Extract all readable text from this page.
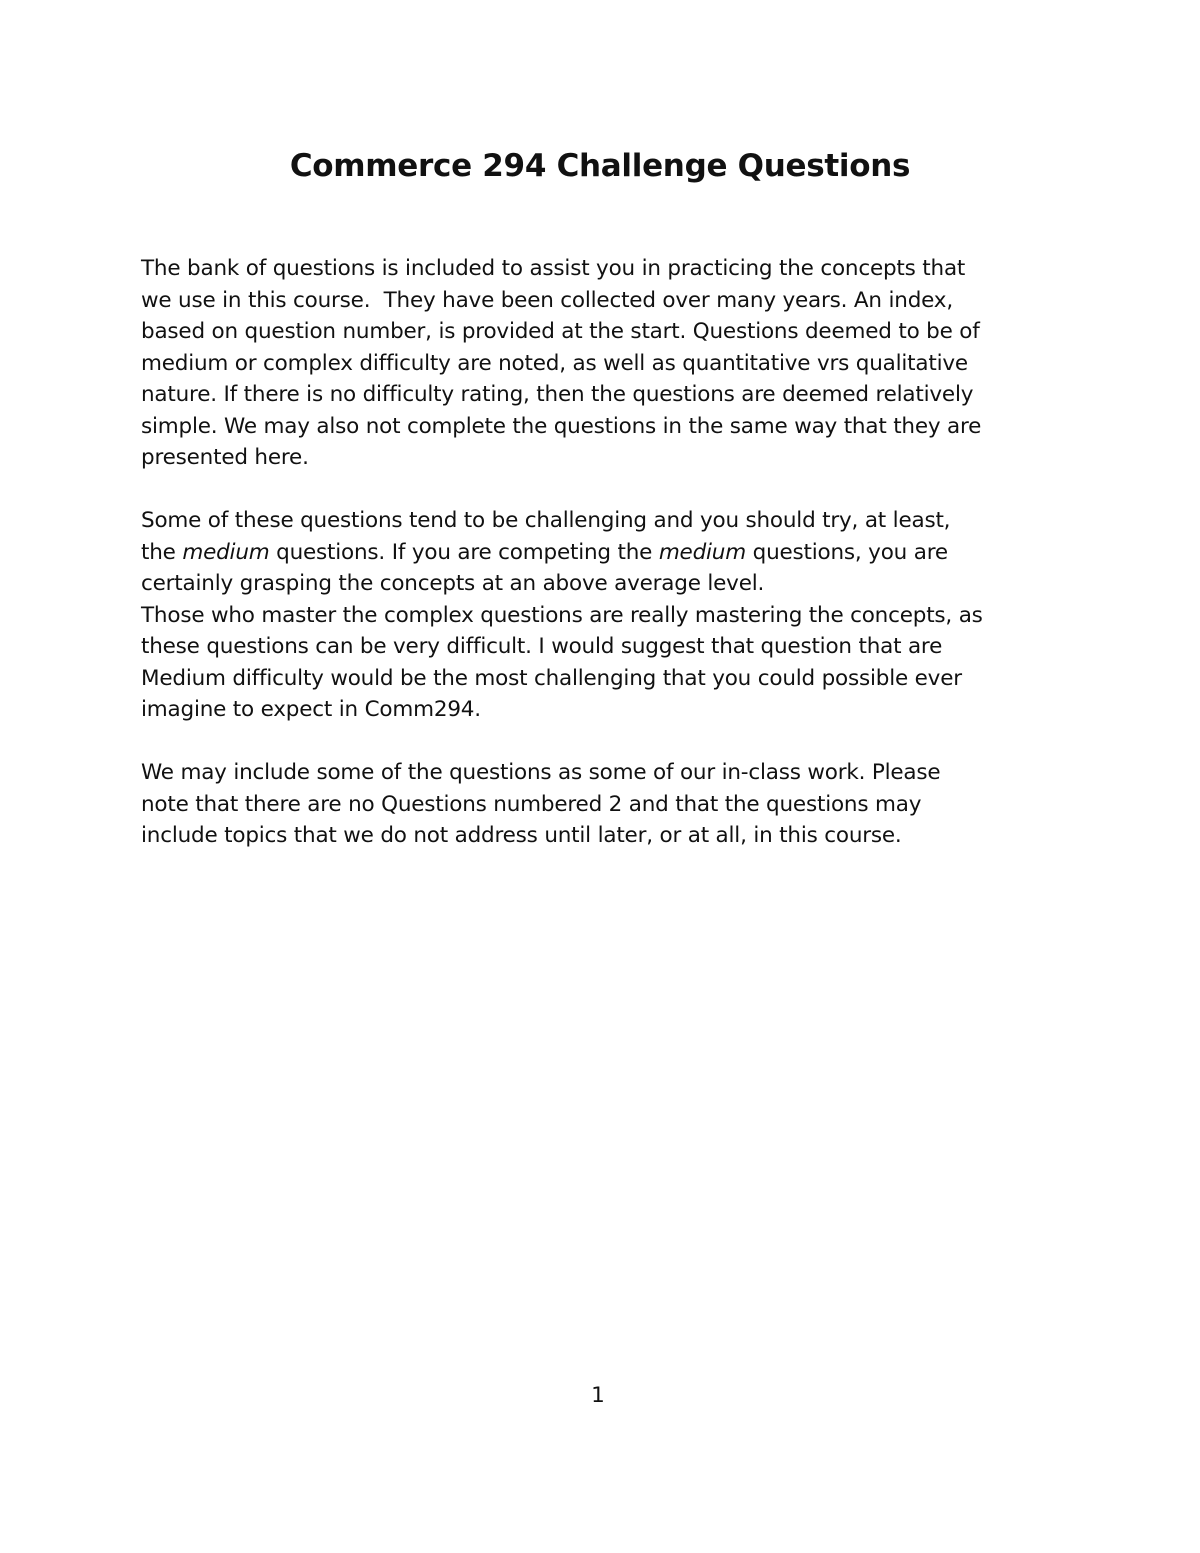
Commerce 294 Challenge Questions
The bank of questions is included to assist you in practicing the concepts that
we use in this course.  They have been collected over many years. An index,
based on question number, is provided at the start. Questions deemed to be of
medium or complex difficulty are noted, as well as quantitative vrs qualitative
nature. If there is no difficulty rating, then the questions are deemed relatively
simple. We may also not complete the questions in the same way that they are
presented here.
Some of these questions tend to be challenging and you should try, at least,
the medium questions. If you are competing the medium questions, you are
certainly grasping the concepts at an above average level.
Those who master the complex questions are really mastering the concepts, as
these questions can be very difficult. I would suggest that question that are
Medium difficulty would be the most challenging that you could possible ever
imagine to expect in Comm294.
We may include some of the questions as some of our in-class work. Please
note that there are no Questions numbered 2 and that the questions may
include topics that we do not address until later, or at all, in this course.
1
